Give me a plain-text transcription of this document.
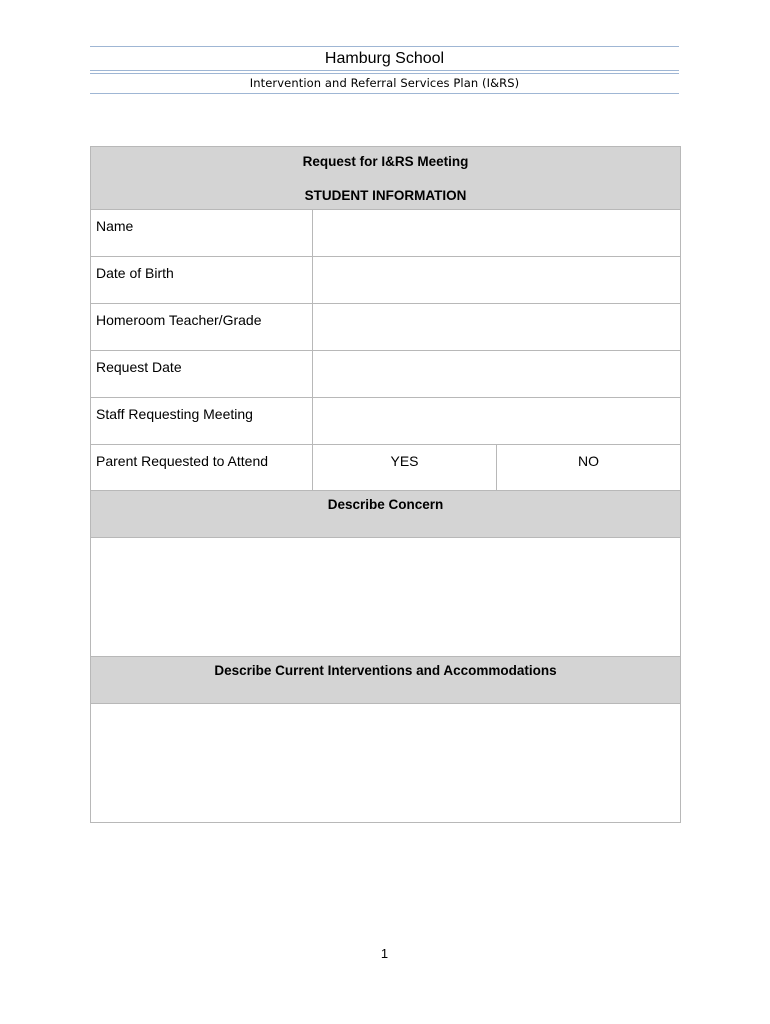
Hamburg School
Intervention and Referral Services Plan (I&RS)
Request for I&RS Meeting
STUDENT INFORMATION		

Name		
Date of Birth		
Homeroom Teacher/Grade		
Request Date		
Staff Requesting Meeting		
Parent Requested to Attend	YES	NO
Describe Concern		

Describe Current Interventions and Accommodations		

1
